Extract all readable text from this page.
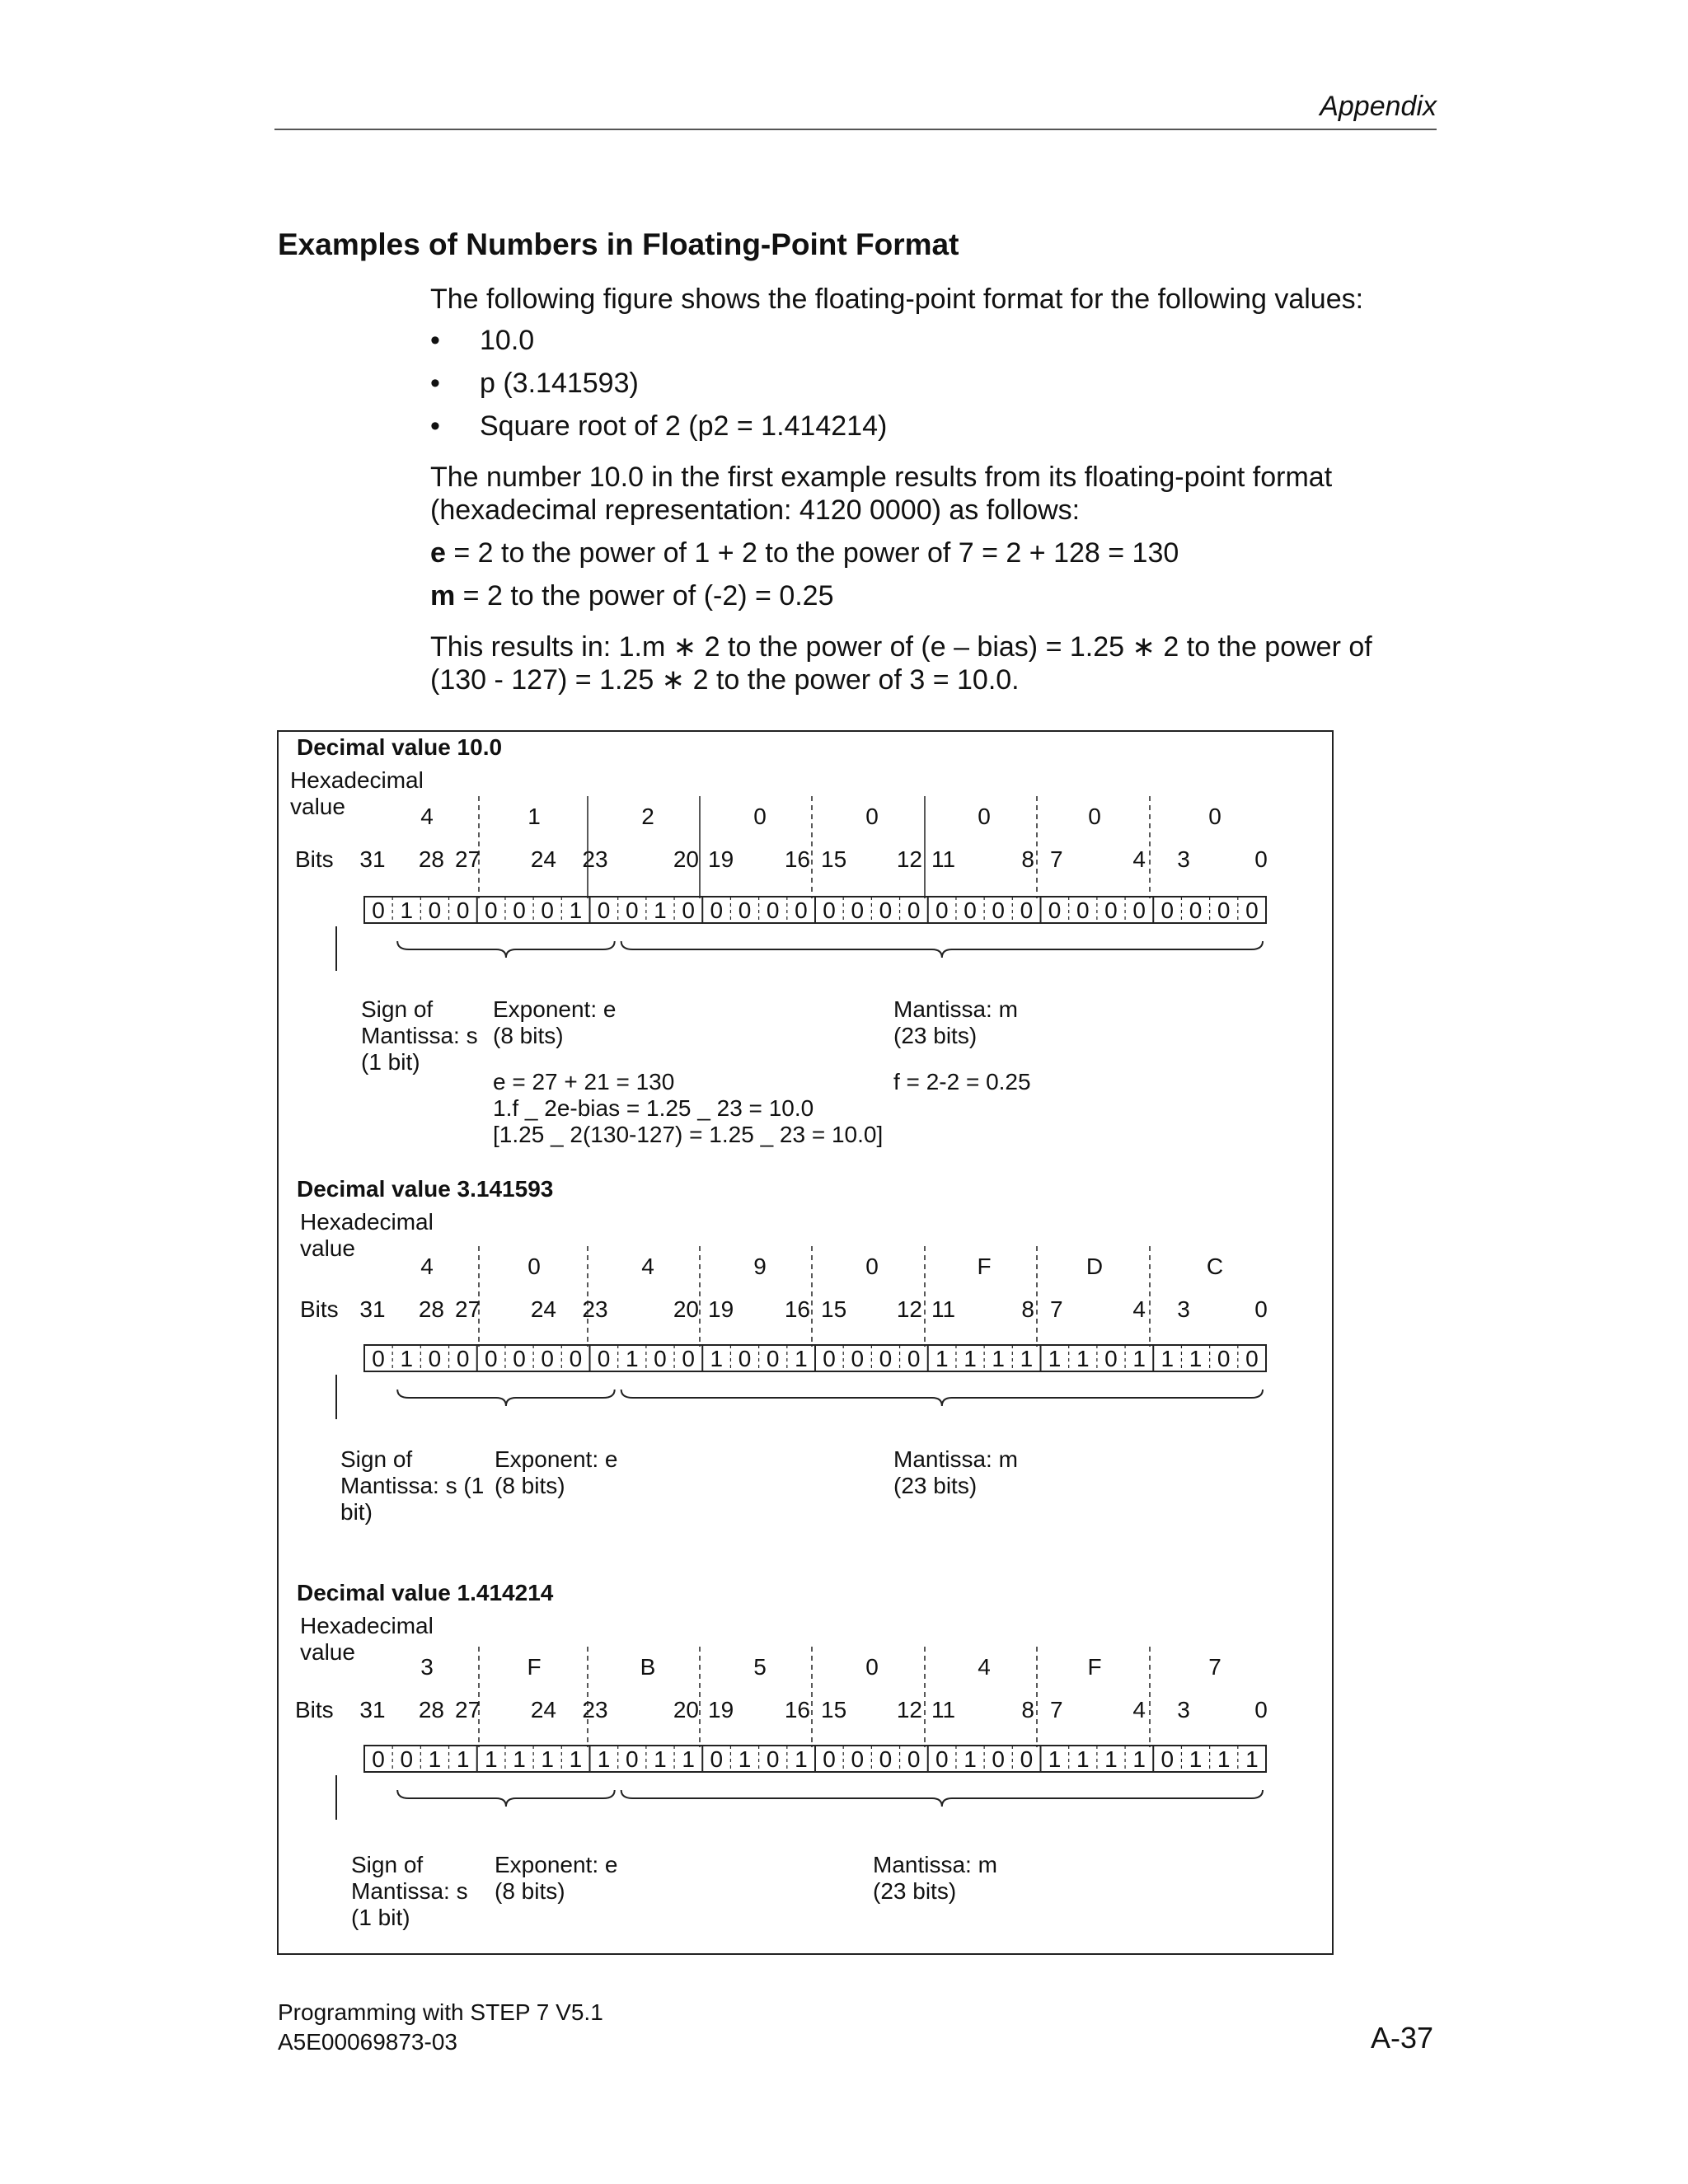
Appendix
Examples of Numbers in Floating-Point Format
The following figure shows the floating-point format for the following values:
• 10.0
• p (3.141593)
• Square root of 2 (p2 = 1.414214)
The number 10.0 in the first example results from its floating-point format
(hexadecimal representation: 4120 0000) as follows:
e = 2 to the power of 1 + 2 to the power of 7 = 2 + 128 = 130
m = 2 to the power of (-2) = 0.25
This results in: 1.m ∗ 2 to the power of (e – bias) = 1.25 ∗ 2 to the power of
(130 - 127) = 1.25 ∗ 2 to the power of 3 = 10.0.
Decimal value 10.0
Hexadecimal
value	4	1	2	0	0	0	0	0
Bits 31 28 27 24 23	20 19 16 15 12 11	8 7	4 3	0
0 1 0 0 0 0 0 1 0 0 1 0 0 0 0 0 0 0 0 0 0 0 0 0 0 0 0 0 0 0 0 0
Sign of
Mantissa: s
(1 bit)
Exponent: e
(8 bits)
Mantissa: m
(23 bits)
e = 27 + 21 = 130
1.f _ 2e-bias = 1.25 _ 23 = 10.0
[1.25 _ 2(130-127) = 1.25 _ 23 = 10.0]
f = 2-2 = 0.25
Decimal value 3.141593
Hexadecimal
value
4	0	4	9	0	F	D	C
Bits 31 28 27 24 23	20 19 16 15 12 11	8 7	4 3	0
0 1 0 0 0 0 0 0 0 1 0 0 1 0 0 1 0 0 0 0 1 1 1 1 1 1 0 1 1 1 0 0
Sign of
Mantissa: s (1
bit)
Exponent: e
(8 bits)
Mantissa: m
(23 bits)
Decimal value 1.414214
Hexadecimal
value
3	F	B	5	0	4	F	7
Bits 31 28 27 24 23	20 19 16 15 12 11	8 7	4 3	0
0 0 1 1 1 1 1 1 1 0 1 1 0 1 0 1 0 0 0 0 0 1 0 0 1 1 1 1 0 1 1 1
Sign of
Mantissa: s
(1 bit)
Exponent: e
(8 bits)
Mantissa: m
(23 bits)
Programming with STEP 7 V5.1
A5E00069873-03	A-37
